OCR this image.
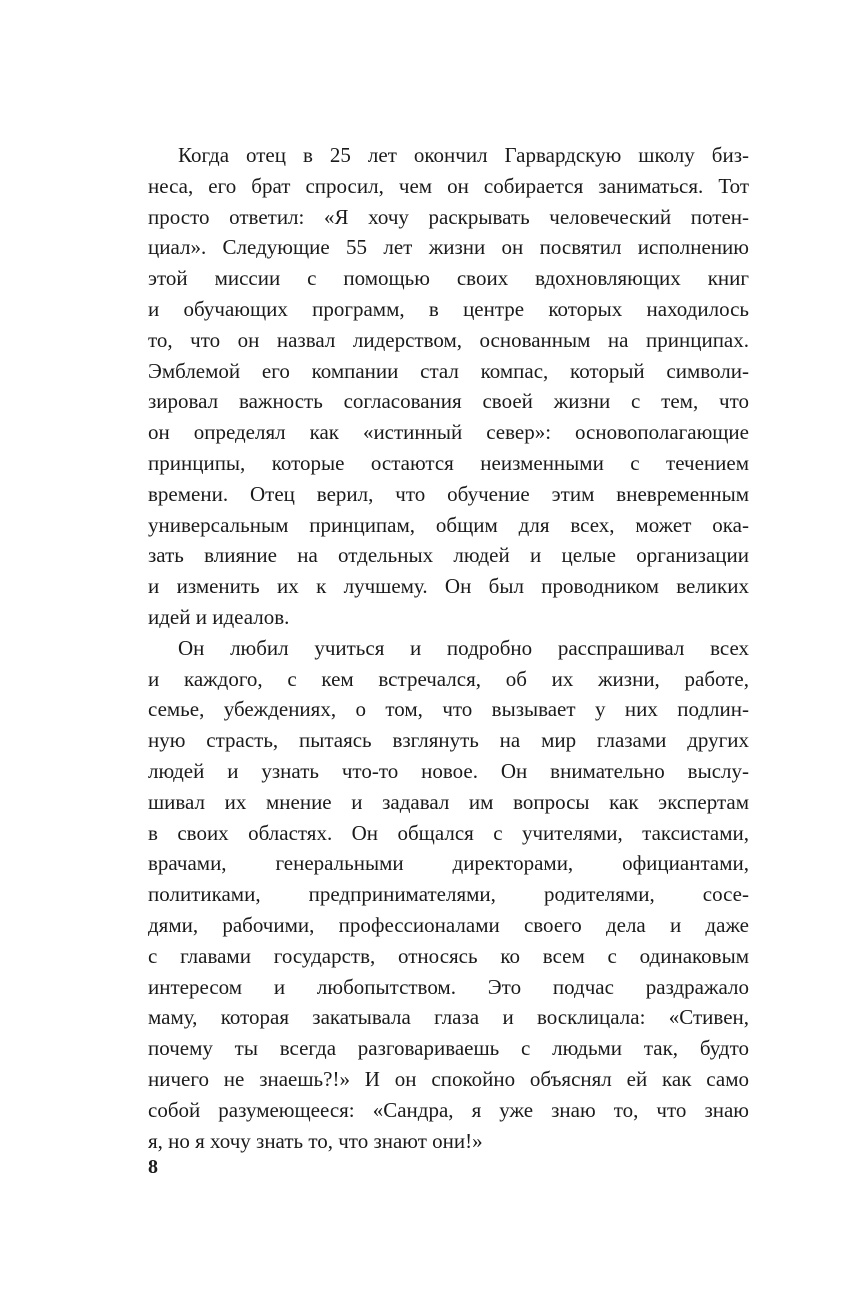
Когда отец в 25 лет окончил Гарвардскую школу биз-
неса, его брат спросил, чем он собирается заниматься. Тот
просто ответил: «Я хочу раскрывать человеческий потен-
циал». Следующие 55 лет жизни он посвятил исполнению
этой миссии с помощью своих вдохновляющих книг
и обучающих программ, в центре которых находилось
то, что он назвал лидерством, основанным на принципах.
Эмблемой его компании стал компас, который символи-
зировал важность согласования своей жизни с тем, что
он определял как «истинный север»: основополагающие
принципы, которые остаются неизменными с течением
времени. Отец верил, что обучение этим вневременным
универсальным принципам, общим для всех, может ока-
зать влияние на отдельных людей и целые организации
и изменить их к лучшему. Он был проводником великих
идей и идеалов.
Он любил учиться и подробно расспрашивал всех
и каждого, с кем встречался, об их жизни, работе,
семье, убеждениях, о том, что вызывает у них подлин-
ную страсть, пытаясь взглянуть на мир глазами других
людей и узнать что-то новое. Он внимательно выслу-
шивал их мнение и задавал им вопросы как экспертам
в своих областях. Он общался с учителями, таксистами,
врачами, генеральными директорами, официантами,
политиками, предпринимателями, родителями, сосе-
дями, рабочими, профессионалами своего дела и даже
с главами государств, относясь ко всем с одинаковым
интересом и любопытством. Это подчас раздражало
маму, которая закатывала глаза и восклицала: «Стивен,
почему ты всегда разговариваешь с людьми так, будто
ничего не знаешь?!» И он спокойно объяснял ей как само
собой разумеющееся: «Сандра, я уже знаю то, что знаю
я, но я хочу знать то, что знают они!»
8
